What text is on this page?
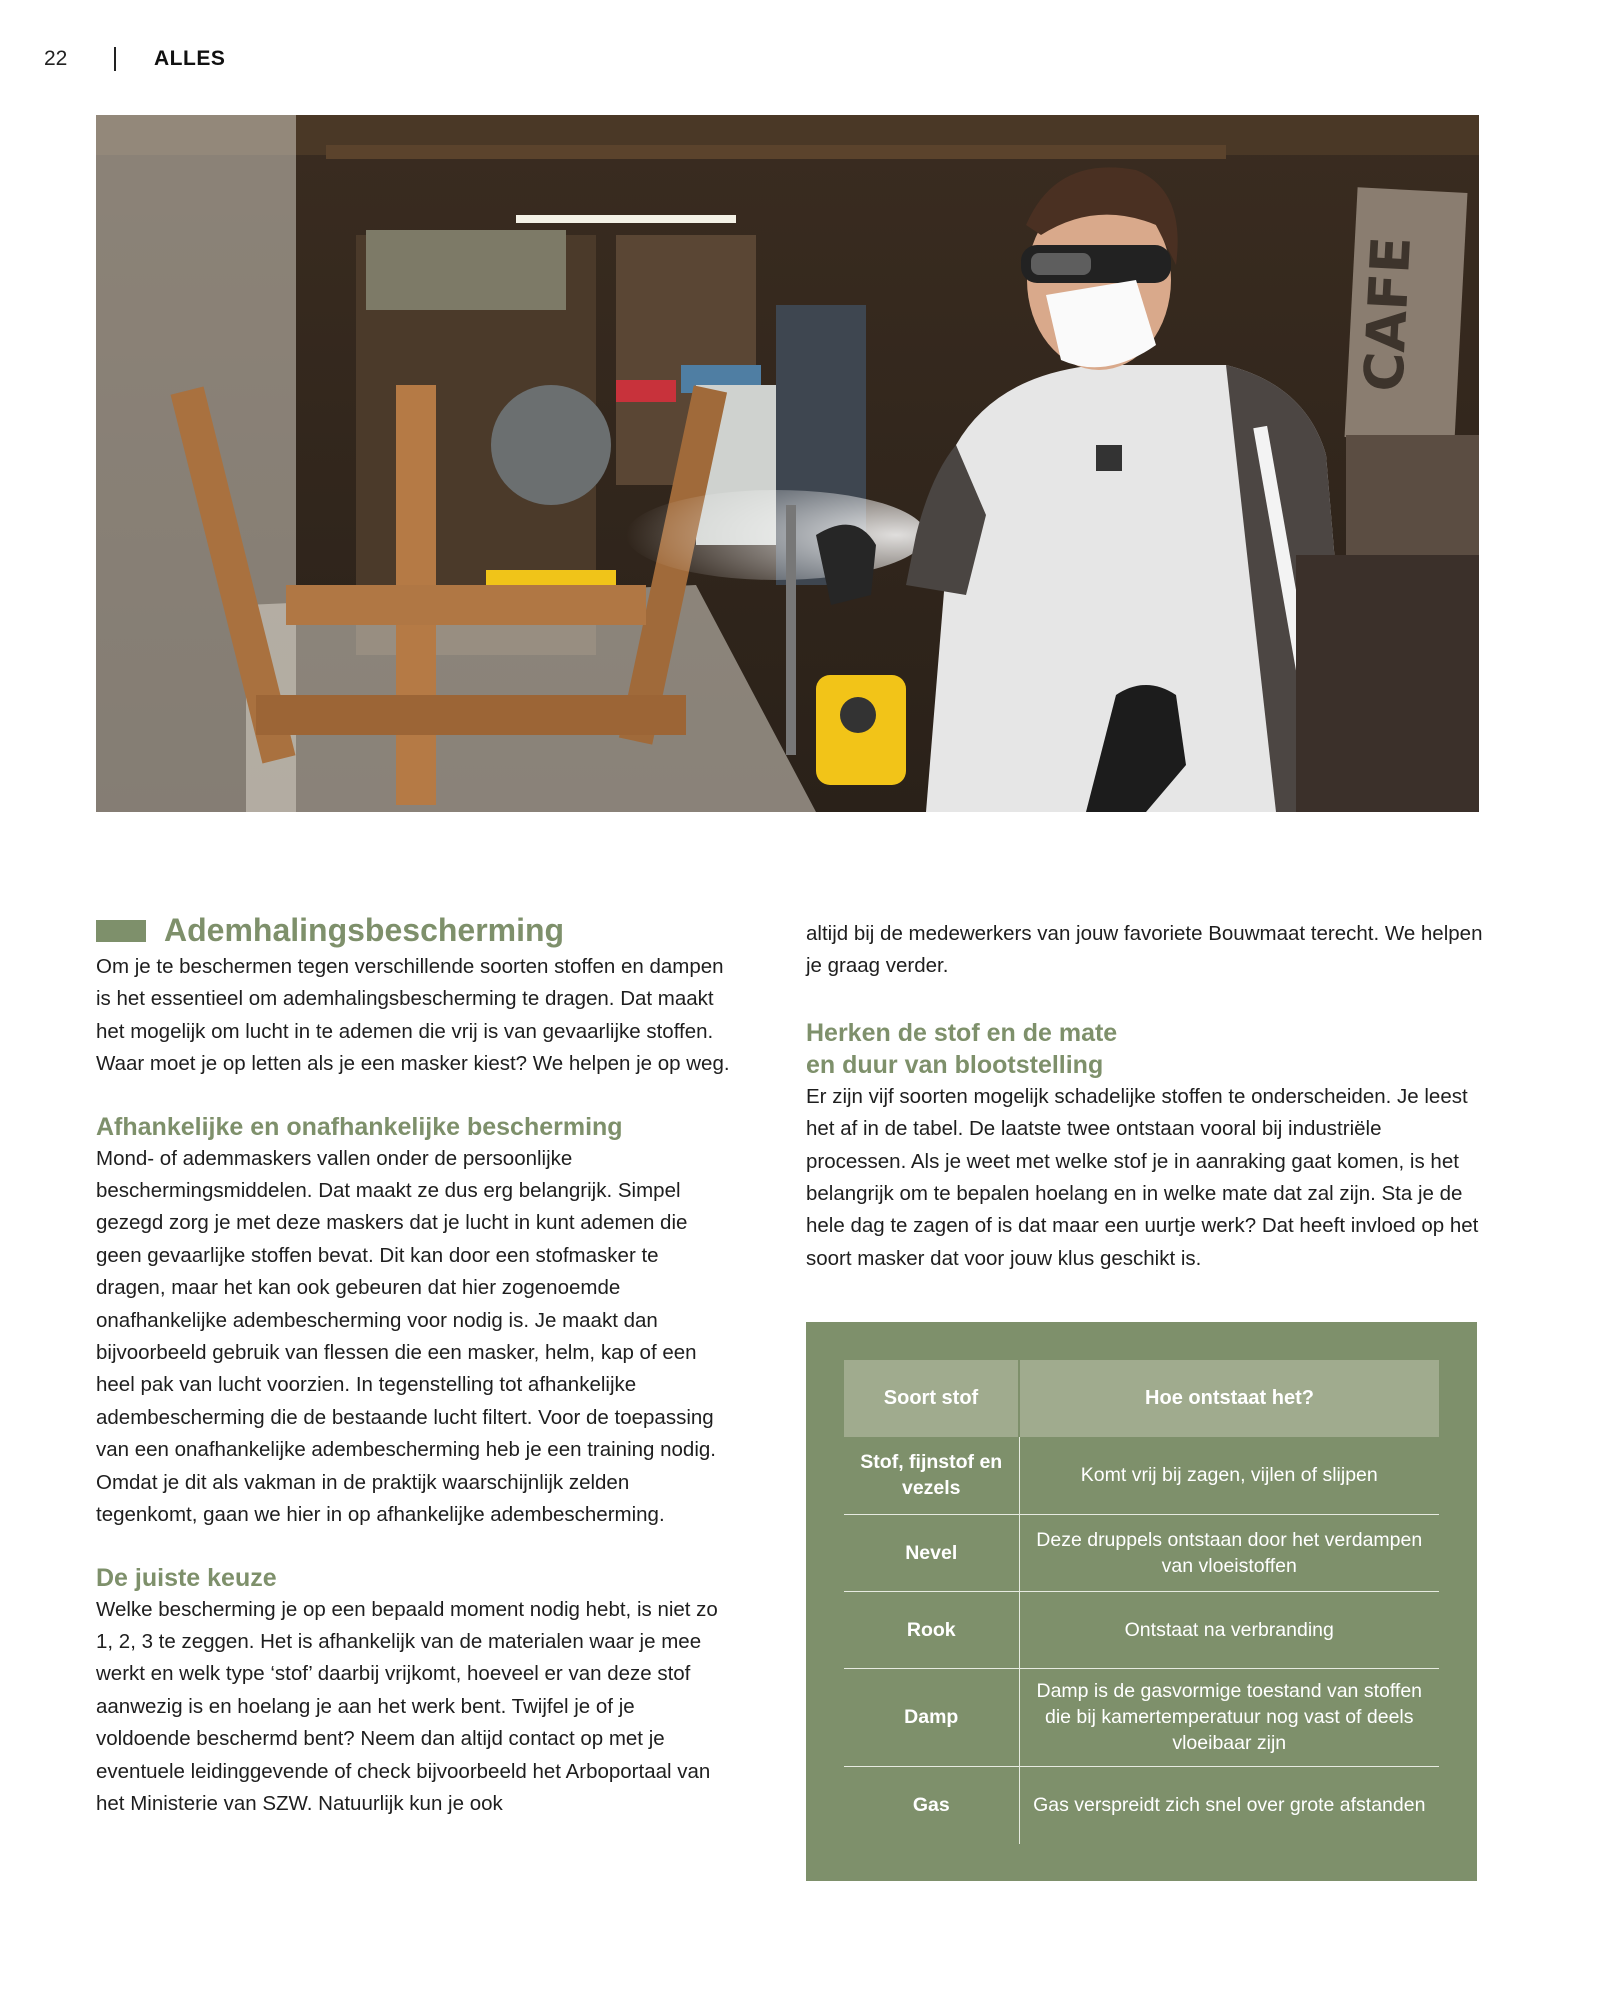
22	ALLES
CAFE
Ademhalingsbescherming

Om je te beschermen tegen verschillende soorten stoffen en dampen is het essentieel om ademhalingsbescherming te dragen. Dat maakt het mogelijk om lucht in te ademen die vrij is van gevaarlijke stoffen. Waar moet je op letten als je een masker kiest? We helpen je op weg.

Afhankelijke en onafhankelijke bescherming

Mond- of ademmaskers vallen onder de persoonlijke beschermingsmiddelen. Dat maakt ze dus erg belangrijk. Simpel gezegd zorg je met deze maskers dat je lucht in kunt ademen die geen gevaarlijke stoffen bevat. Dit kan door een stofmasker te dragen, maar het kan ook gebeuren dat hier zogenoemde onafhankelijke adembescherming voor nodig is. Je maakt dan bijvoorbeeld gebruik van flessen die een masker, helm, kap of een heel pak van lucht voorzien. In tegenstelling tot afhankelijke adembescherming die de bestaande lucht filtert. Voor de toepassing van een onafhankelijke adembescherming heb je een training nodig. Omdat je dit als vakman in de praktijk waarschijnlijk zelden tegenkomt, gaan we hier in op afhankelijke adembescherming.

De juiste keuze

Welke bescherming je op een bepaald moment nodig hebt, is niet zo 1, 2, 3 te zeggen. Het is afhankelijk van de materialen waar je mee werkt en welk type ‘stof’ daarbij vrijkomt, hoeveel er van deze stof aanwezig is en hoelang je aan het werk bent. Twijfel je of je voldoende beschermd bent? Neem dan altijd contact op met je eventuele leidinggevende of check bijvoorbeeld het Arboportaal van het Ministerie van SZW. Natuurlijk kun je ook

altijd bij de medewerkers van jouw favoriete Bouwmaat terecht. We helpen je graag verder.

Herken de stof en de mate
en duur van blootstelling

Er zijn vijf soorten mogelijk schadelijke stoffen te onderscheiden. Je leest het af in de tabel. De laatste twee ontstaan vooral bij industriële processen. Als je weet met welke stof je in aanraking gaat komen, is het belangrijk om te bepalen hoelang en in welke mate dat zal zijn. Sta je de hele dag te zagen of is dat maar een uurtje werk? Dat heeft invloed op het soort masker dat voor jouw klus geschikt is.

Soort stof	Hoe ontstaat het?
Stof, fijnstof en vezels	Komt vrij bij zagen, vijlen of slijpen
Nevel	Deze druppels ontstaan door het verdampen van vloeistoffen
Rook	Ontstaat na verbranding
Damp	Damp is de gasvormige toestand van stoffen die bij kamertemperatuur nog vast of deels vloeibaar zijn
Gas	Gas verspreidt zich snel over grote afstanden
